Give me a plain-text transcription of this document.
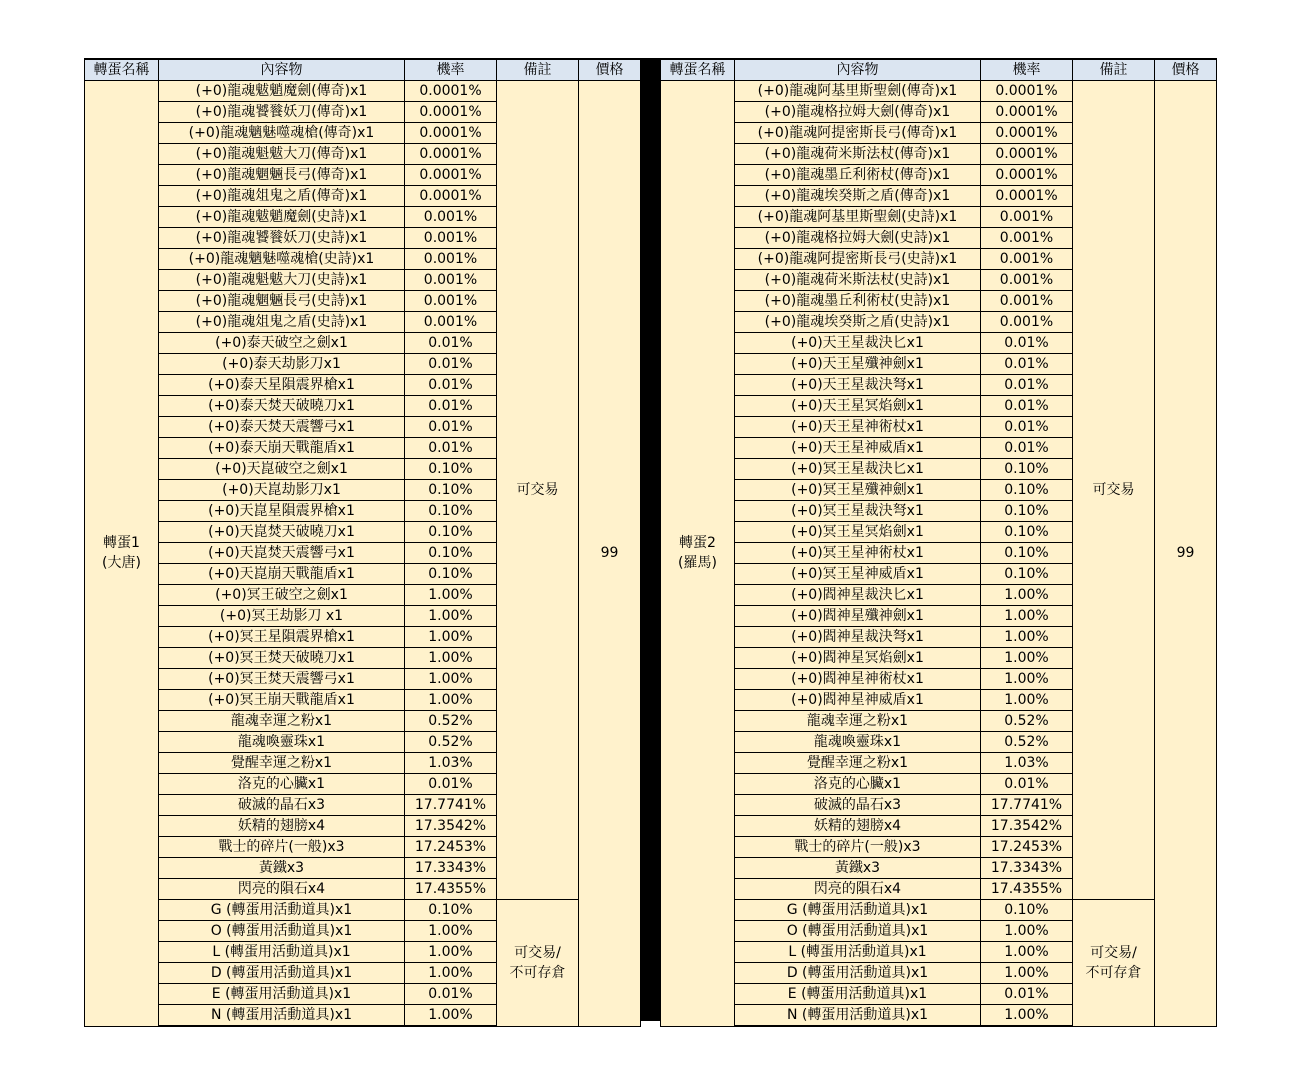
轉蛋名稱	內容物	機率	備註	價格
轉蛋1
(大唐)	(+0)龍魂魃魈魔劍(傳奇)x1	0.0001%	可交易	99
	(+0)龍魂饕餮妖刀(傳奇)x1	0.0001%		
	(+0)龍魂魑魅噬魂槍(傳奇)x1	0.0001%		
	(+0)龍魂魁魃大刀(傳奇)x1	0.0001%		
	(+0)龍魂魍魎長弓(傳奇)x1	0.0001%		
	(+0)龍魂俎鬼之盾(傳奇)x1	0.0001%		
	(+0)龍魂魃魈魔劍(史詩)x1	0.001%		
	(+0)龍魂饕餮妖刀(史詩)x1	0.001%		
	(+0)龍魂魑魅噬魂槍(史詩)x1	0.001%		
	(+0)龍魂魁魃大刀(史詩)x1	0.001%		
	(+0)龍魂魍魎長弓(史詩)x1	0.001%		
	(+0)龍魂俎鬼之盾(史詩)x1	0.001%		
	(+0)泰天破空之劍x1	0.01%		
	(+0)泰天劫影刀x1	0.01%		
	(+0)泰天星隕震界槍x1	0.01%		
	(+0)泰天焚天破曉刀x1	0.01%		
	(+0)泰天焚天震響弓x1	0.01%		
	(+0)泰天崩天戰龍盾x1	0.01%		
	(+0)天崑破空之劍x1	0.10%		
	(+0)天崑劫影刀x1	0.10%		
	(+0)天崑星隕震界槍x1	0.10%		
	(+0)天崑焚天破曉刀x1	0.10%		
	(+0)天崑焚天震響弓x1	0.10%		
	(+0)天崑崩天戰龍盾x1	0.10%		
	(+0)冥王破空之劍x1	1.00%		
	(+0)冥王劫影刀 x1	1.00%		
	(+0)冥王星隕震界槍x1	1.00%		
	(+0)冥王焚天破曉刀x1	1.00%		
	(+0)冥王焚天震響弓x1	1.00%		
	(+0)冥王崩天戰龍盾x1	1.00%		
	龍魂幸運之粉x1	0.52%		
	龍魂喚靈珠x1	0.52%		
	覺醒幸運之粉x1	1.03%		
	洛克的心臟x1	0.01%		
	破滅的晶石x3	17.7741%		
	妖精的翅膀x4	17.3542%		
	戰士的碎片(一般)x3	17.2453%		
	黃鐵x3	17.3343%		
	閃亮的隕石x4	17.4355%		
	G (轉蛋用活動道具)x1	0.10%	可交易/
不可存倉	
	O (轉蛋用活動道具)x1	1.00%		
	L (轉蛋用活動道具)x1	1.00%		
	D (轉蛋用活動道具)x1	1.00%		
	E (轉蛋用活動道具)x1	0.01%		
	N (轉蛋用活動道具)x1	1.00%		
轉蛋名稱	內容物	機率	備註	價格
轉蛋2
(羅馬)	(+0)龍魂阿基里斯聖劍(傳奇)x1	0.0001%	可交易	99
	(+0)龍魂格拉姆大劍(傳奇)x1	0.0001%		
	(+0)龍魂阿提密斯長弓(傳奇)x1	0.0001%		
	(+0)龍魂荷米斯法杖(傳奇)x1	0.0001%		
	(+0)龍魂墨丘利術杖(傳奇)x1	0.0001%		
	(+0)龍魂埃癸斯之盾(傳奇)x1	0.0001%		
	(+0)龍魂阿基里斯聖劍(史詩)x1	0.001%		
	(+0)龍魂格拉姆大劍(史詩)x1	0.001%		
	(+0)龍魂阿提密斯長弓(史詩)x1	0.001%		
	(+0)龍魂荷米斯法杖(史詩)x1	0.001%		
	(+0)龍魂墨丘利術杖(史詩)x1	0.001%		
	(+0)龍魂埃癸斯之盾(史詩)x1	0.001%		
	(+0)天王星裁決匕x1	0.01%		
	(+0)天王星殲神劍x1	0.01%		
	(+0)天王星裁決弩x1	0.01%		
	(+0)天王星冥焰劍x1	0.01%		
	(+0)天王星神術杖x1	0.01%		
	(+0)天王星神威盾x1	0.01%		
	(+0)冥王星裁決匕x1	0.10%		
	(+0)冥王星殲神劍x1	0.10%		
	(+0)冥王星裁決弩x1	0.10%		
	(+0)冥王星冥焰劍x1	0.10%		
	(+0)冥王星神術杖x1	0.10%		
	(+0)冥王星神威盾x1	0.10%		
	(+0)閻神星裁決匕x1	1.00%		
	(+0)閻神星殲神劍x1	1.00%		
	(+0)閻神星裁決弩x1	1.00%		
	(+0)閻神星冥焰劍x1	1.00%		
	(+0)閻神星神術杖x1	1.00%		
	(+0)閻神星神威盾x1	1.00%		
	龍魂幸運之粉x1	0.52%		
	龍魂喚靈珠x1	0.52%		
	覺醒幸運之粉x1	1.03%		
	洛克的心臟x1	0.01%		
	破滅的晶石x3	17.7741%		
	妖精的翅膀x4	17.3542%		
	戰士的碎片(一般)x3	17.2453%		
	黃鐵x3	17.3343%		
	閃亮的隕石x4	17.4355%		
	G (轉蛋用活動道具)x1	0.10%	可交易/
不可存倉	
	O (轉蛋用活動道具)x1	1.00%		
	L (轉蛋用活動道具)x1	1.00%		
	D (轉蛋用活動道具)x1	1.00%		
	E (轉蛋用活動道具)x1	0.01%		
	N (轉蛋用活動道具)x1	1.00%		
